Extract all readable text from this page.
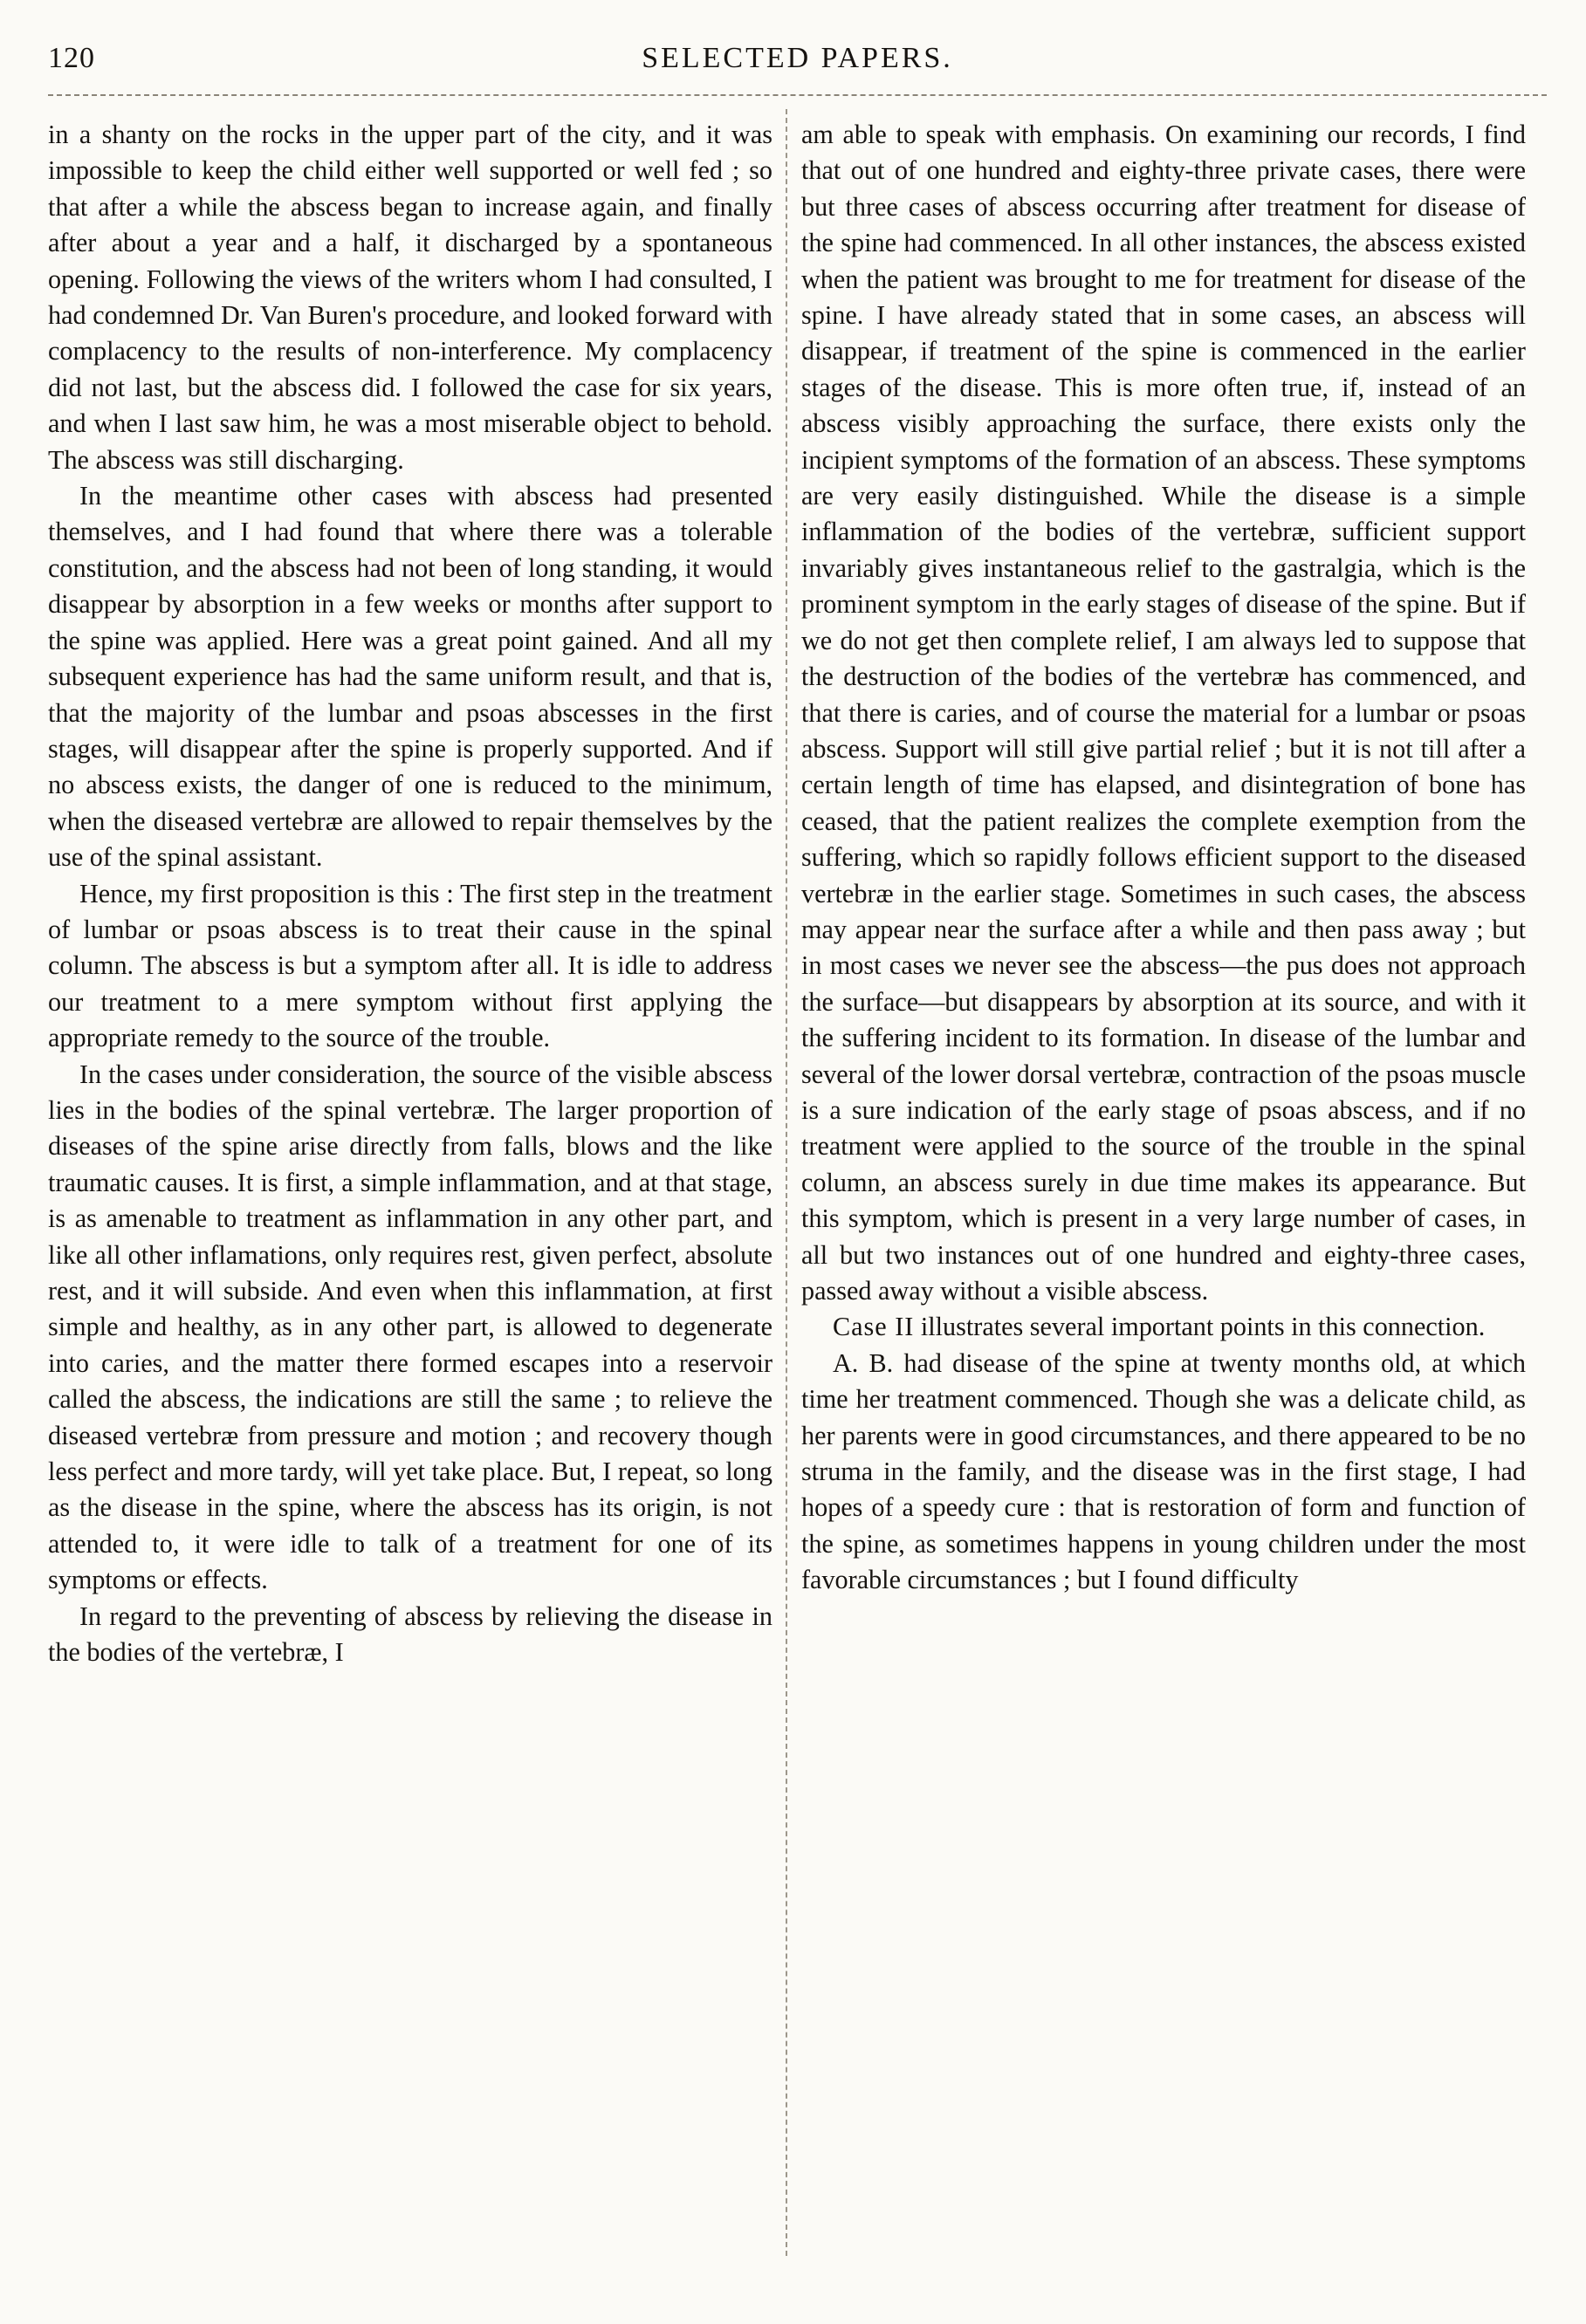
120	SELECTED PAPERS.

in a shanty on the rocks in the upper part of the city, and it was impossible to keep the child either well supported or well fed ; so that after a while the abscess began to increase again, and finally after about a year and a half, it discharged by a spontaneous opening. Following the views of the writers whom I had consulted, I had condemned Dr. Van Buren's procedure, and looked forward with complacency to the results of non-interference. My complacency did not last, but the abscess did. I followed the case for six years, and when I last saw him, he was a most miserable object to behold. The abscess was still discharging.

In the meantime other cases with abscess had presented themselves, and I had found that where there was a tolerable constitution, and the abscess had not been of long standing, it would disappear by absorption in a few weeks or months after support to the spine was applied. Here was a great point gained. And all my subsequent experience has had the same uniform result, and that is, that the majority of the lumbar and psoas abscesses in the first stages, will disappear after the spine is properly supported. And if no abscess exists, the danger of one is reduced to the minimum, when the diseased vertebræ are allowed to repair themselves by the use of the spinal assistant.

Hence, my first proposition is this : The first step in the treatment of lumbar or psoas abscess is to treat their cause in the spinal column. The abscess is but a symptom after all. It is idle to address our treatment to a mere symptom without first applying the appropriate remedy to the source of the trouble.

In the cases under consideration, the source of the visible abscess lies in the bodies of the spinal vertebræ. The larger proportion of diseases of the spine arise directly from falls, blows and the like traumatic causes. It is first, a simple inflammation, and at that stage, is as amenable to treatment as inflammation in any other part, and like all other inflamations, only requires rest, given perfect, absolute rest, and it will subside. And even when this inflammation, at first simple and healthy, as in any other part, is allowed to degenerate into caries, and the matter there formed escapes into a reservoir called the abscess, the indications are still the same ; to relieve the diseased vertebræ from pressure and motion ; and recovery though less perfect and more tardy, will yet take place. But, I repeat, so long as the disease in the spine, where the abscess has its origin, is not attended to, it were idle to talk of a treatment for one of its symptoms or effects.

In regard to the preventing of abscess by relieving the disease in the bodies of the vertebræ, I

am able to speak with emphasis. On examining our records, I find that out of one hundred and eighty-three private cases, there were but three cases of abscess occurring after treatment for disease of the spine had commenced. In all other instances, the abscess existed when the patient was brought to me for treatment for disease of the spine. I have already stated that in some cases, an abscess will disappear, if treatment of the spine is commenced in the earlier stages of the disease. This is more often true, if, instead of an abscess visibly approaching the surface, there exists only the incipient symptoms of the formation of an abscess. These symptoms are very easily distinguished. While the disease is a simple inflammation of the bodies of the vertebræ, sufficient support invariably gives instantaneous relief to the gastralgia, which is the prominent symptom in the early stages of disease of the spine. But if we do not get then complete relief, I am always led to suppose that the destruction of the bodies of the vertebræ has commenced, and that there is caries, and of course the material for a lumbar or psoas abscess. Support will still give partial relief ; but it is not till after a certain length of time has elapsed, and disintegration of bone has ceased, that the patient realizes the complete exemption from the suffering, which so rapidly follows efficient support to the diseased vertebræ in the earlier stage. Sometimes in such cases, the abscess may appear near the surface after a while and then pass away ; but in most cases we never see the abscess—the pus does not approach the surface—but disappears by absorption at its source, and with it the suffering incident to its formation. In disease of the lumbar and several of the lower dorsal vertebræ, contraction of the psoas muscle is a sure indication of the early stage of psoas abscess, and if no treatment were applied to the source of the trouble in the spinal column, an abscess surely in due time makes its appearance. But this symptom, which is present in a very large number of cases, in all but two instances out of one hundred and eighty-three cases, passed away without a visible abscess.

Case II illustrates several important points in this connection.

A. B. had disease of the spine at twenty months old, at which time her treatment commenced. Though she was a delicate child, as her parents were in good circumstances, and there appeared to be no struma in the family, and the disease was in the first stage, I had hopes of a speedy cure : that is restoration of form and function of the spine, as sometimes happens in young children under the most favorable circumstances ; but I found difficulty
